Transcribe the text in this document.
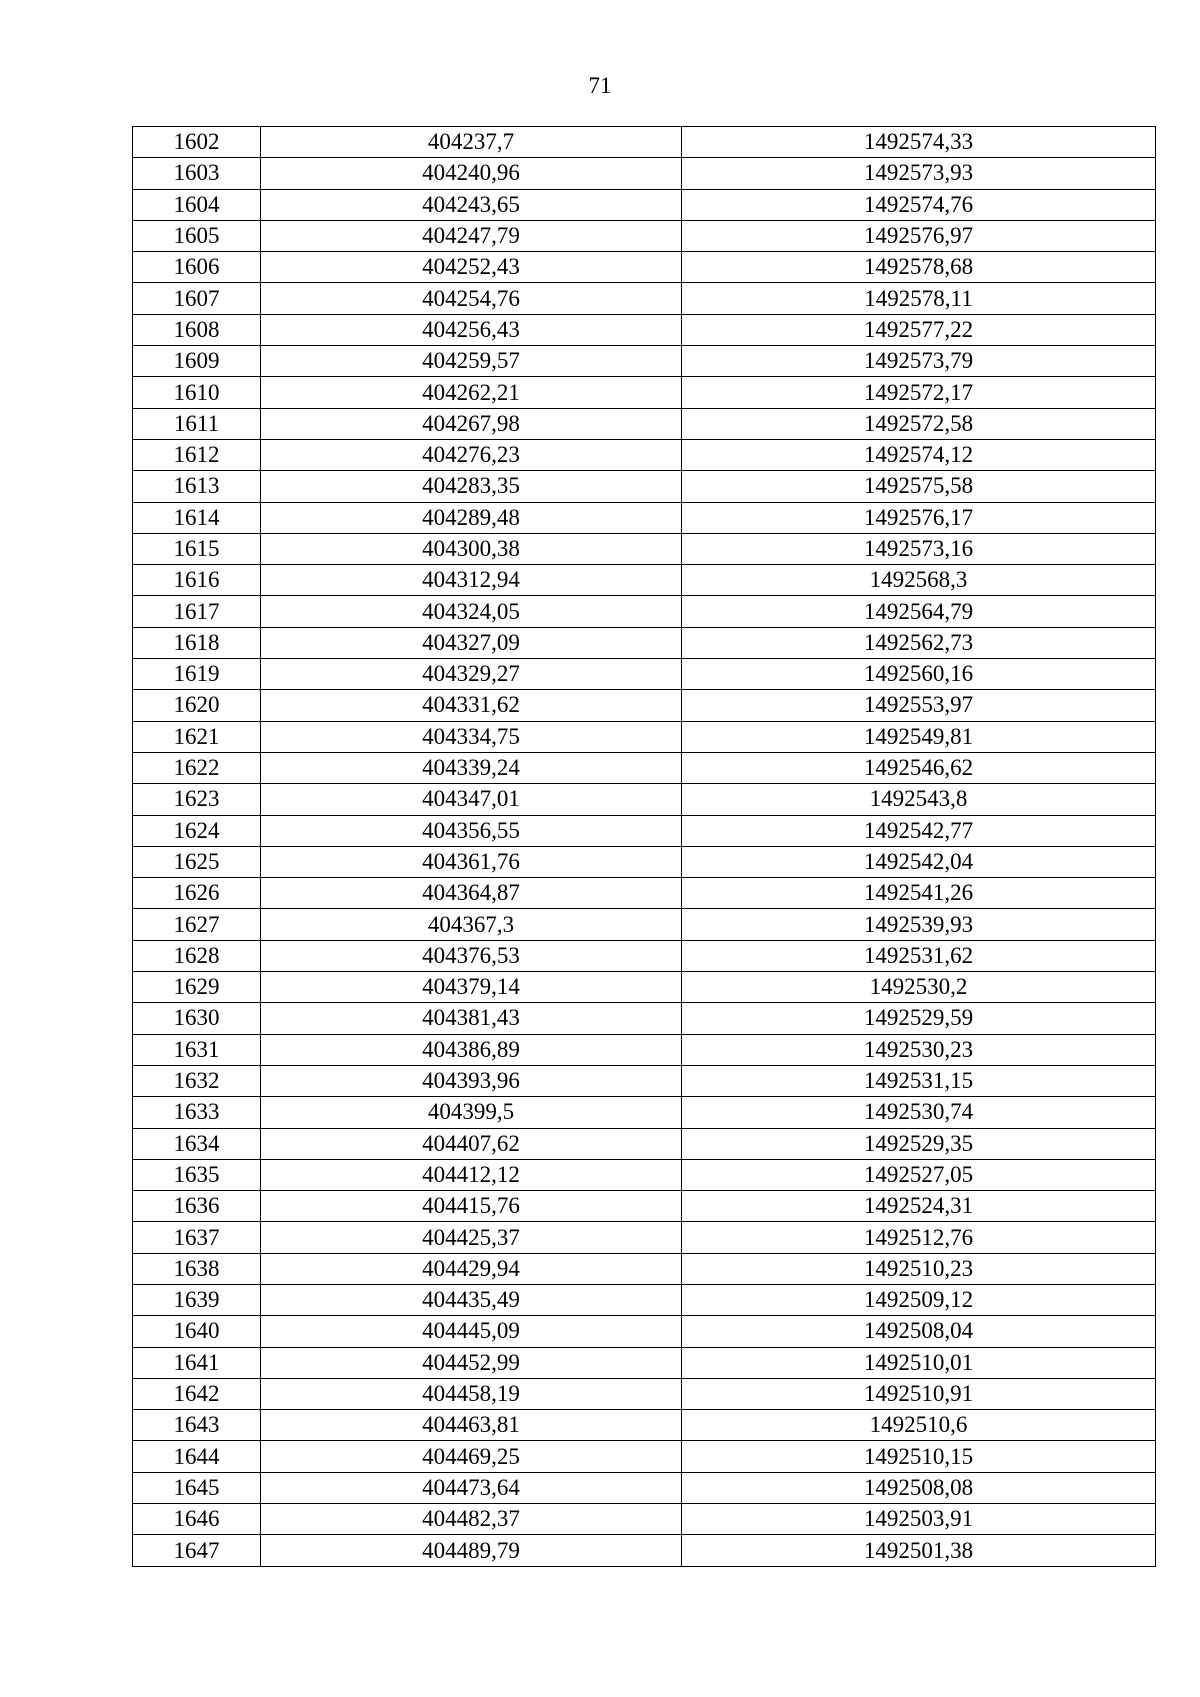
71
1602	404237,7	1492574,33
1603	404240,96	1492573,93
1604	404243,65	1492574,76
1605	404247,79	1492576,97
1606	404252,43	1492578,68
1607	404254,76	1492578,11
1608	404256,43	1492577,22
1609	404259,57	1492573,79
1610	404262,21	1492572,17
1611	404267,98	1492572,58
1612	404276,23	1492574,12
1613	404283,35	1492575,58
1614	404289,48	1492576,17
1615	404300,38	1492573,16
1616	404312,94	1492568,3
1617	404324,05	1492564,79
1618	404327,09	1492562,73
1619	404329,27	1492560,16
1620	404331,62	1492553,97
1621	404334,75	1492549,81
1622	404339,24	1492546,62
1623	404347,01	1492543,8
1624	404356,55	1492542,77
1625	404361,76	1492542,04
1626	404364,87	1492541,26
1627	404367,3	1492539,93
1628	404376,53	1492531,62
1629	404379,14	1492530,2
1630	404381,43	1492529,59
1631	404386,89	1492530,23
1632	404393,96	1492531,15
1633	404399,5	1492530,74
1634	404407,62	1492529,35
1635	404412,12	1492527,05
1636	404415,76	1492524,31
1637	404425,37	1492512,76
1638	404429,94	1492510,23
1639	404435,49	1492509,12
1640	404445,09	1492508,04
1641	404452,99	1492510,01
1642	404458,19	1492510,91
1643	404463,81	1492510,6
1644	404469,25	1492510,15
1645	404473,64	1492508,08
1646	404482,37	1492503,91
1647	404489,79	1492501,38
